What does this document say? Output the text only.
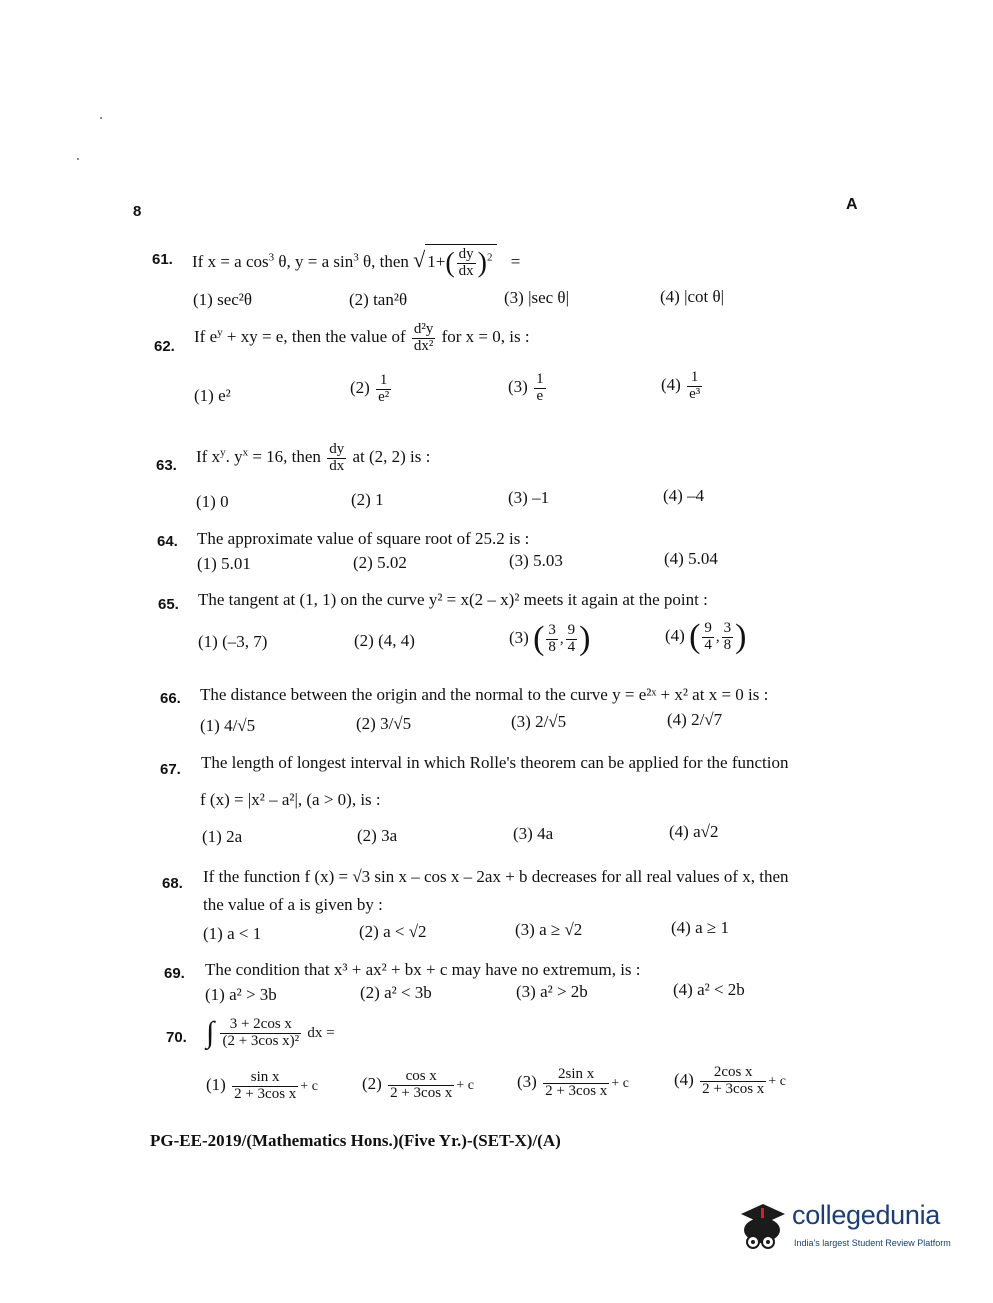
8	A
61. If x = a $\cos^3 \theta$, y = a $\sin^3 \theta$, then √ $1+( \frac{dy}{dx} )^2$ =
(1) sec²θ	(2) tan²θ	(3) |sec θ|	(4) |cot θ|
62.
If $e^y$ + xy = e, then the value of $\frac{\text{d²y}}{\text{dx²}}$ for x = 0, is :
(1) e²	$(2) \frac{1}{\text{e²}}$	$(3) \frac{1}{e}$	$(4) \frac{1}{\text{e³}}$
63. If $x^y$. $y^x = 16$, then $\frac{dy}{dx}$ at (2, 2) is :
(1) 0	(2) 1	(3) –1	(4) –4
64. The approximate value of square root of 25.2 is :
(1) 5.01	(2) 5.02	(3) 5.03	(4) 5.04
65. The tangent at (1, 1) on the curve y² = x(2 – x)² meets it again at the point :
(1) (–3, 7)	(2) (4, 4)	(3) ( $\frac{3}{8}$ , $\frac{9}{4}$ )	(4) ( $\frac{9}{4}$ , $\frac{3}{8}$ )
66. The distance between the origin and the normal to the curve y = e²ˣ + x² at x = 0 is :
(1) 4/√5	(2) 3/√5	(3) 2/√5	(4) 2/√7
67. The length of longest interval in which Rolle's theorem can be applied for the function
f (x) = |x² – a²|, (a > 0), is :
(1) 2a	(2) 3a	(3) 4a	(4) a√2
68. If the function f (x) = √3 sin x – cos x – 2ax + b decreases for all real values of x, then
the value of a is given by :
(1) a < 1	(2) a < √2	(3) a ≥ √2	(4) a ≥ 1
69. The condition that x³ + ax² + bx + c may have no extremum, is :
(1) a² > 3b	(2) a² < 3b	(3) a² > 2b	(4) a² < 2b
70. ∫ $\frac{\text{3 + 2cos x}}{\text{(2 + 3cos x)²}}$ dx =
$(1) \frac{\text{sin x}}{\text{2 + 3cos x}} + c$	$(2) \frac{\text{cos x}}{\text{2 + 3cos x}} + c$	$(3) \frac{\text{2sin x}}{\text{2 + 3cos x}} + c$	$(4) \frac{\text{2cos x}}{\text{2 + 3cos x}} + c$
PG-EE-2019/(Mathematics Hons.)(Five Yr.)-(SET-X)/(A)
collegedunia
India's largest Student Review Platform
